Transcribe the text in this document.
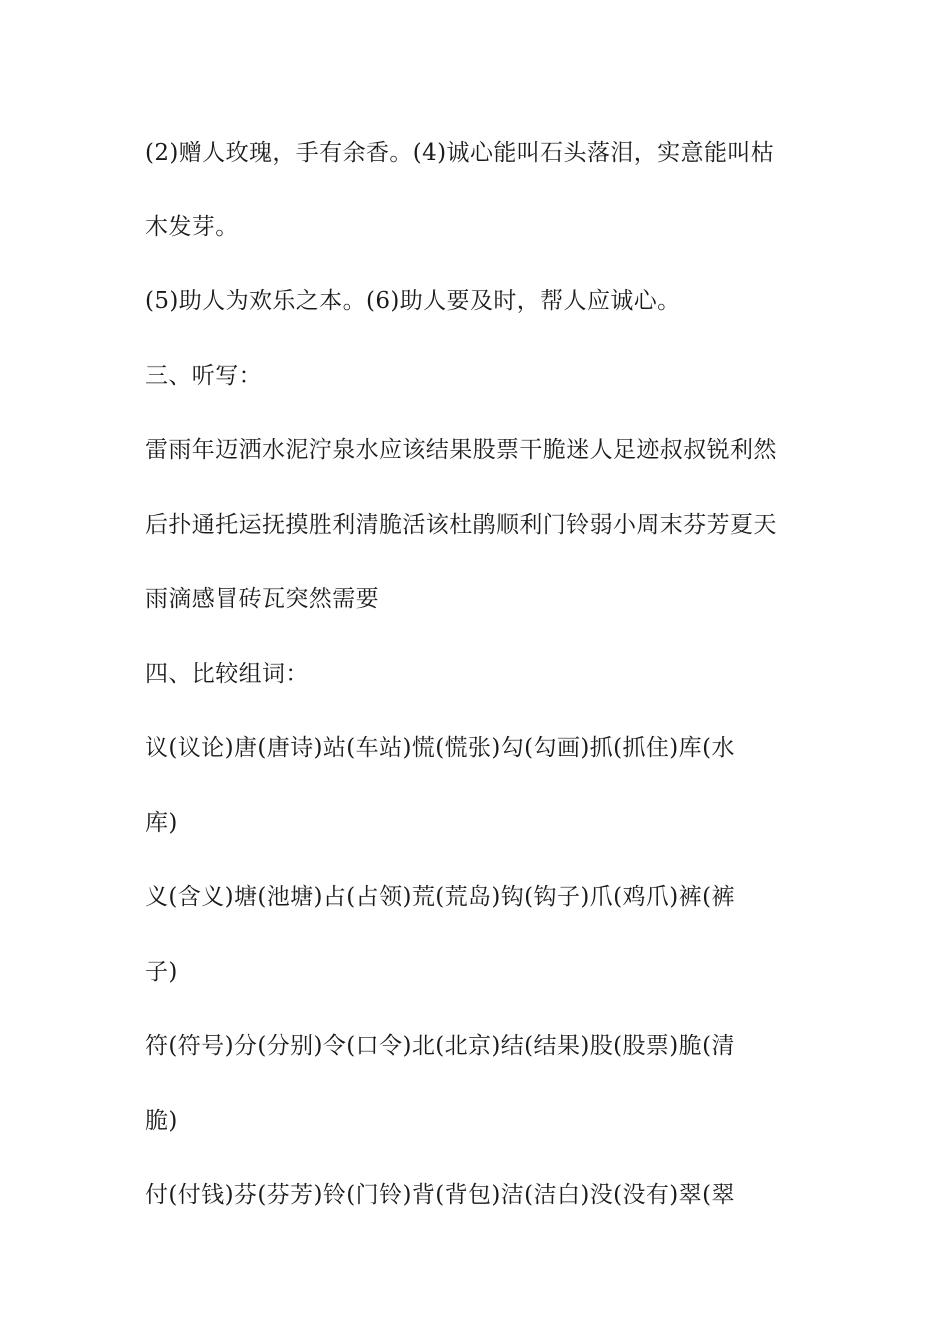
(2)赠人玫瑰，手有余香。(4)诚心能叫石头落泪，实意能叫枯

木发芽。

(5)助人为欢乐之本。(6)助人要及时，帮人应诚心。

三、听写：

雷雨年迈洒水泥泞泉水应该结果股票干脆迷人足迹叔叔锐利然

后扑通托运抚摸胜利清脆活该杜鹃顺利门铃弱小周末芬芳夏天

雨滴感冒砖瓦突然需要

四、比较组词：

议(议论)唐(唐诗)站(车站)慌(慌张)勾(勾画)抓(抓住)库(水

库)

义(含义)塘(池塘)占(占领)荒(荒岛)钩(钩子)爪(鸡爪)裤(裤

子)

符(符号)分(分别)令(口令)北(北京)结(结果)股(股票)脆(清

脆)

付(付钱)芬(芬芳)铃(门铃)背(背包)洁(洁白)没(没有)翠(翠
